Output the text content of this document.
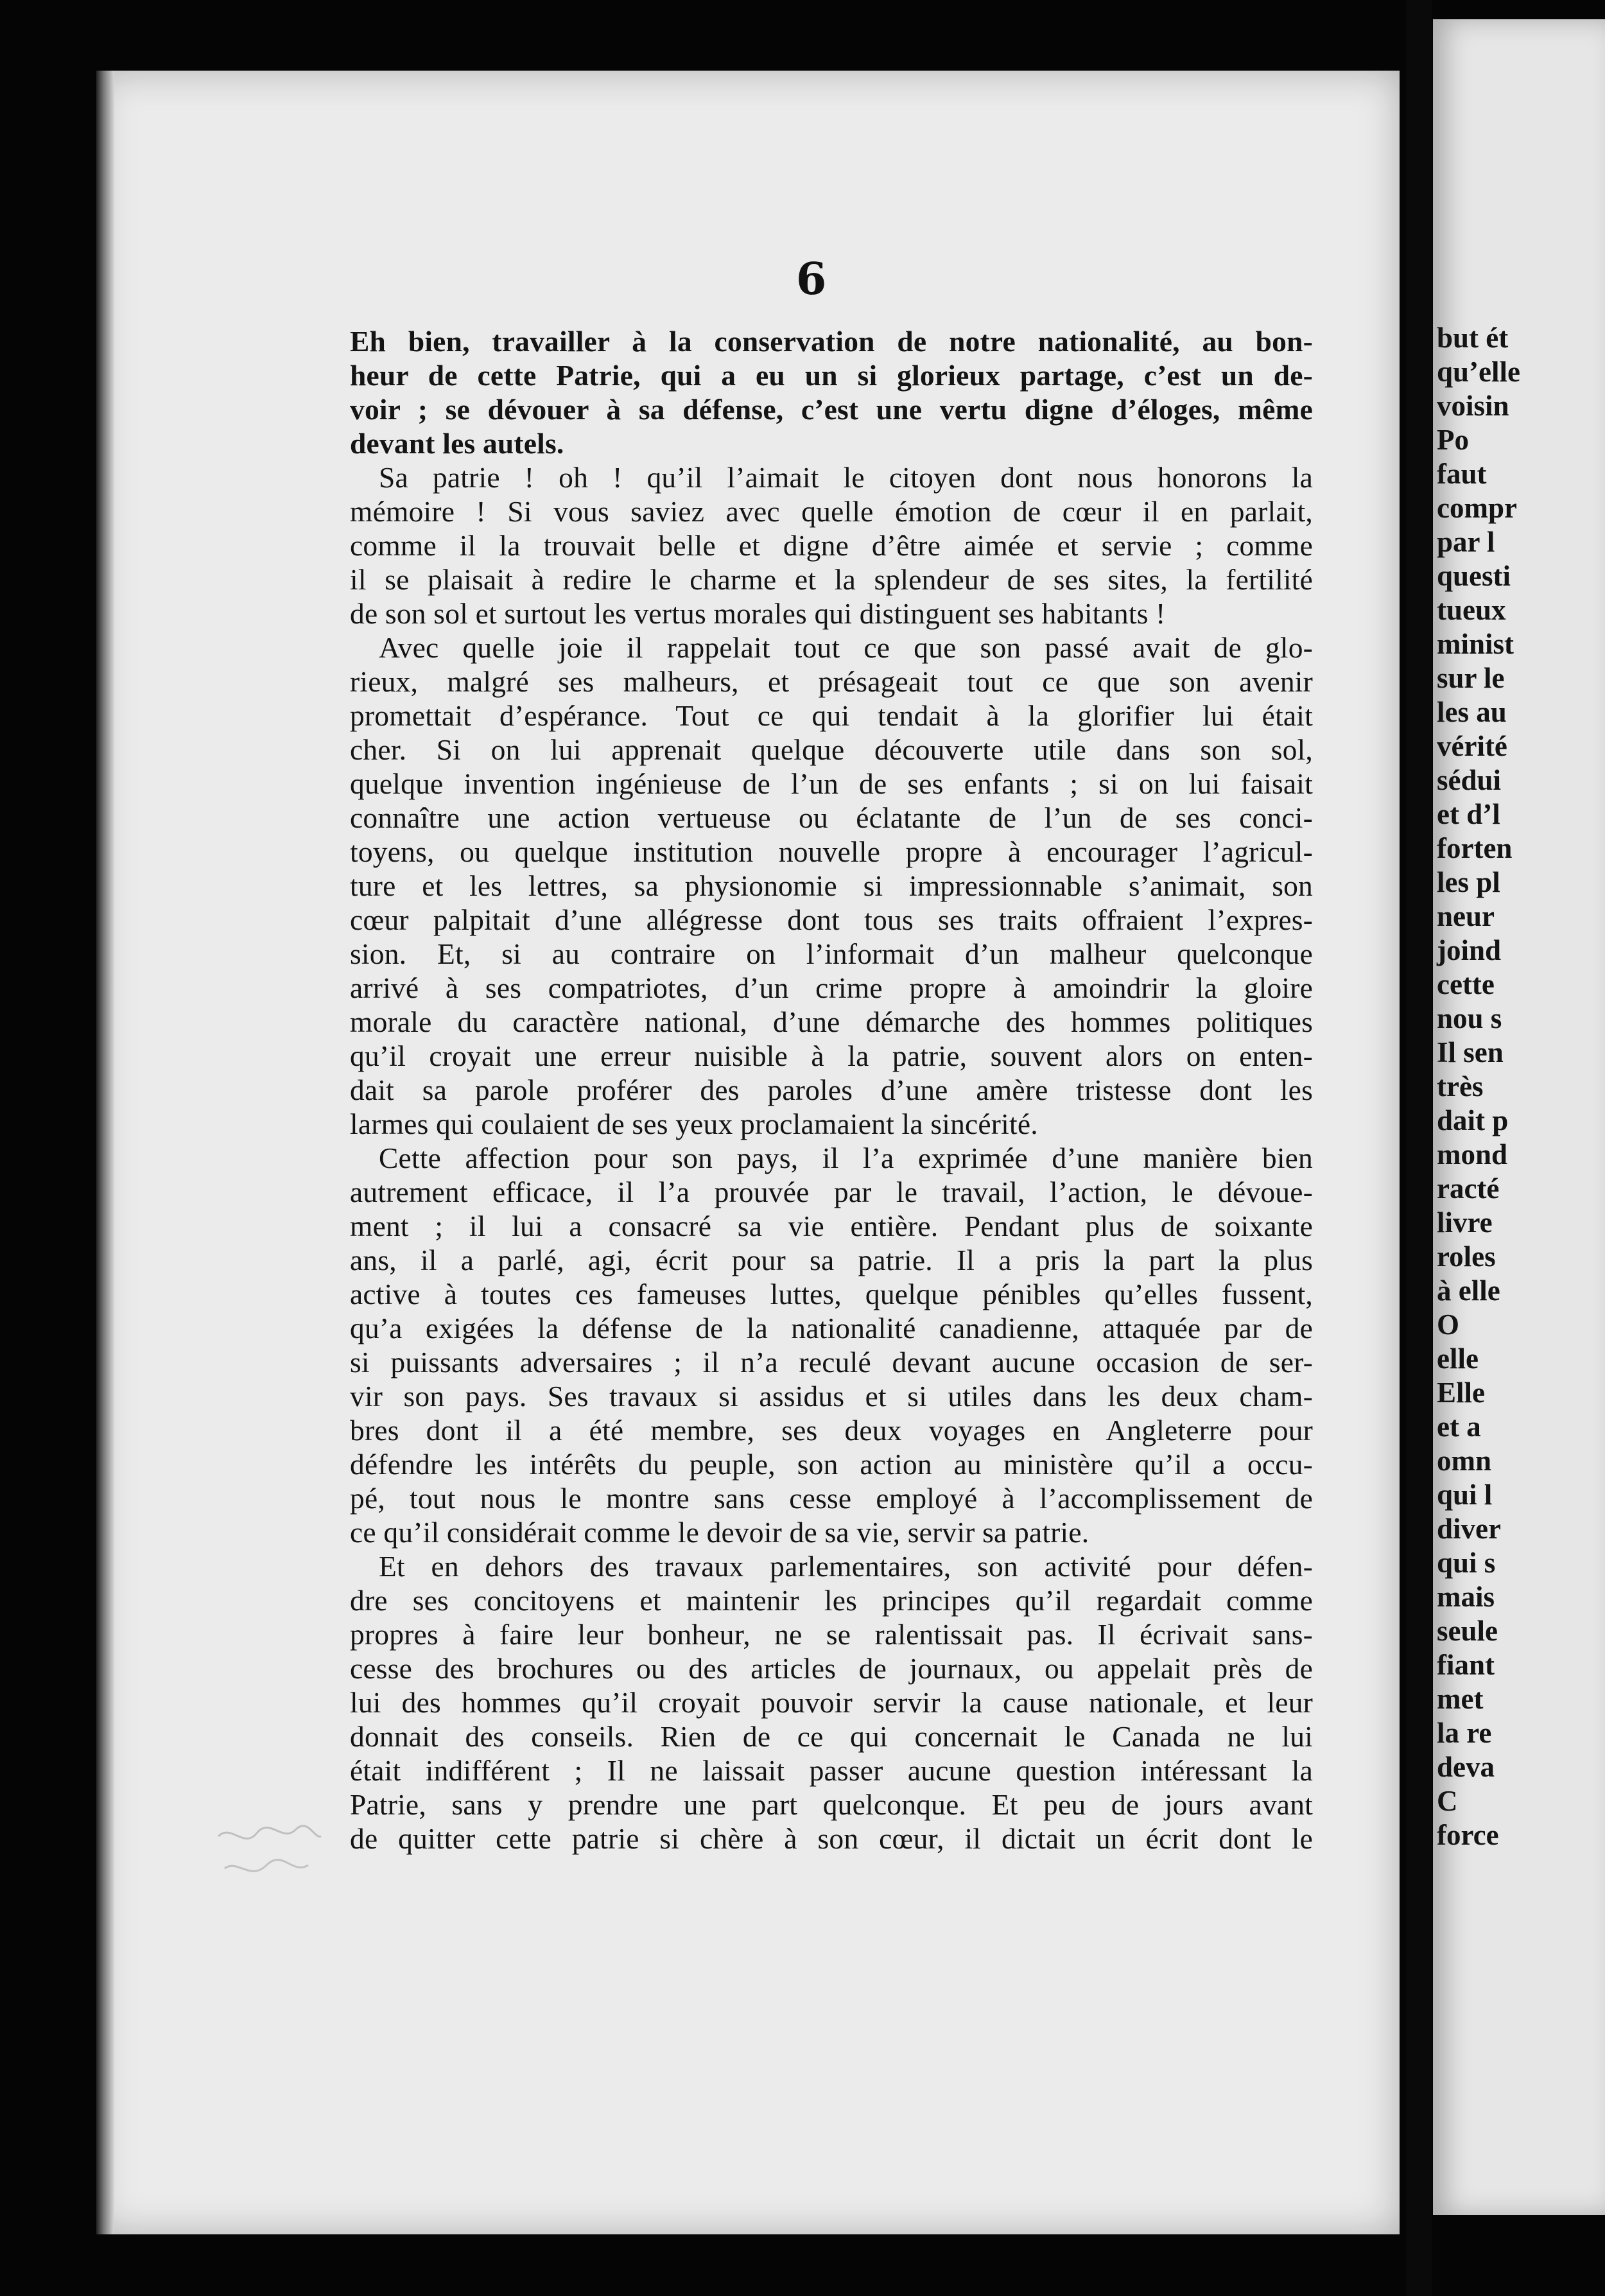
6
Eh bien, travailler à la conservation de notre nationalité, au bon-
heur de cette Patrie, qui a eu un si glorieux partage, c’est un de-
voir ; se dévouer à sa défense, c’est une vertu digne d’éloges, même
devant les autels.
Sa patrie ! oh ! qu’il l’aimait le citoyen dont nous honorons la
mémoire ! Si vous saviez avec quelle émotion de cœur il en parlait,
comme il la trouvait belle et digne d’être aimée et servie ; comme
il se plaisait à redire le charme et la splendeur de ses sites, la fertilité
de son sol et surtout les vertus morales qui distinguent ses habitants !
Avec quelle joie il rappelait tout ce que son passé avait de glo-
rieux, malgré ses malheurs, et présageait tout ce que son avenir
promettait d’espérance. Tout ce qui tendait à la glorifier lui était
cher. Si on lui apprenait quelque découverte utile dans son sol,
quelque invention ingénieuse de l’un de ses enfants ; si on lui faisait
connaître une action vertueuse ou éclatante de l’un de ses conci-
toyens, ou quelque institution nouvelle propre à encourager l’agricul-
ture et les lettres, sa physionomie si impressionnable s’animait, son
cœur palpitait d’une allégresse dont tous ses traits offraient l’expres-
sion. Et, si au contraire on l’informait d’un malheur quelconque
arrivé à ses compatriotes, d’un crime propre à amoindrir la gloire
morale du caractère national, d’une démarche des hommes politiques
qu’il croyait une erreur nuisible à la patrie, souvent alors on enten-
dait sa parole proférer des paroles d’une amère tristesse dont les
larmes qui coulaient de ses yeux proclamaient la sincérité.
Cette affection pour son pays, il l’a exprimée d’une manière bien
autrement efficace, il l’a prouvée par le travail, l’action, le dévoue-
ment ; il lui a consacré sa vie entière. Pendant plus de soixante
ans, il a parlé, agi, écrit pour sa patrie. Il a pris la part la plus
active à toutes ces fameuses luttes, quelque pénibles qu’elles fussent,
qu’a exigées la défense de la nationalité canadienne, attaquée par de
si puissants adversaires ; il n’a reculé devant aucune occasion de ser-
vir son pays. Ses travaux si assidus et si utiles dans les deux cham-
bres dont il a été membre, ses deux voyages en Angleterre pour
défendre les intérêts du peuple, son action au ministère qu’il a occu-
pé, tout nous le montre sans cesse employé à l’accomplissement de
ce qu’il considérait comme le devoir de sa vie, servir sa patrie.
Et en dehors des travaux parlementaires, son activité pour défen-
dre ses concitoyens et maintenir les principes qu’il regardait comme
propres à faire leur bonheur, ne se ralentissait pas. Il écrivait sans-
cesse des brochures ou des articles de journaux, ou appelait près de
lui des hommes qu’il croyait pouvoir servir la cause nationale, et leur
donnait des conseils. Rien de ce qui concernait le Canada ne lui
était indifférent ; Il ne laissait passer aucune question intéressant la
Patrie, sans y prendre une part quelconque. Et peu de jours avant
de quitter cette patrie si chère à son cœur, il dictait un écrit dont le
but ét
qu’elle
voisin
Po
faut
compr
par l
questi
tueux
minist
sur le
les au
vérité
sédui
et d’l
forten
les pl
neur
joind
cette
nou s
Il sen
très
dait p
mond
racté
livre
roles
à elle
O
elle
Elle
et a
omn
qui l
diver
qui s
mais
seule
fiant
met
la re
deva
C
force
